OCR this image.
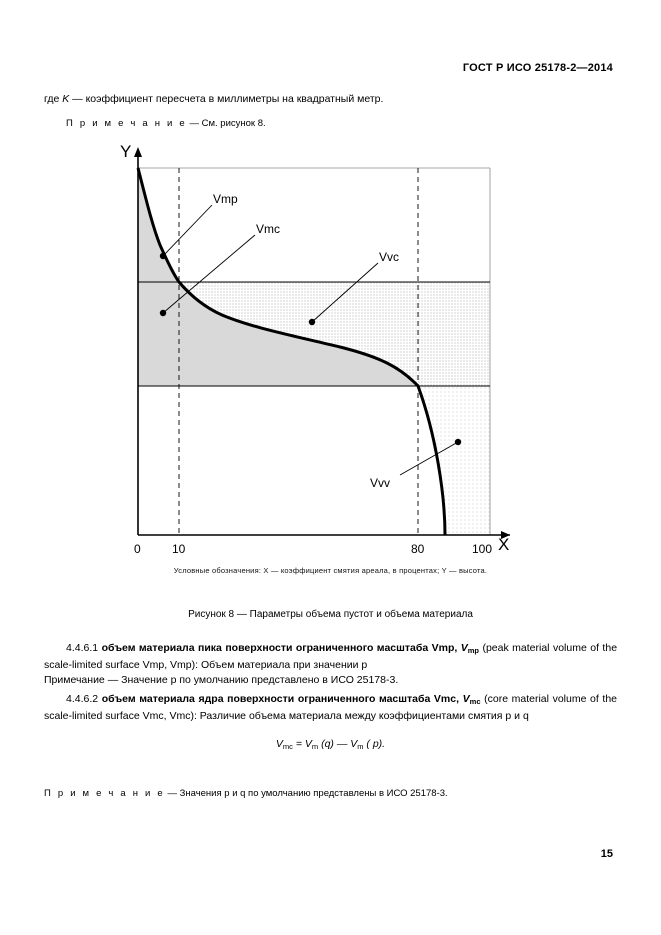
ГОСТ Р ИСО 25178-2—2014
где K — коэффициент пересчета в миллиметры на квадратный метр.
П р и м е ч а н и е — См. рисунок 8.
Vmp
Vmc
Vvc
Vvv
Y
X
0	10	80	100
Условные обозначения: X — коэффициент смятия ареала, в процентах; Y — высота.
Рисунок 8 — Параметры объема пустот и объема материала
4.4.6.1 объем материала пика поверхности ограниченного масштаба Vmp, $V_{mp}$ (peak material volume of the scale-limited surface Vmp, Vmp): Объем материала при значении p
Примечание — Значение p по умолчанию представлено в ИСО 25178-3.
4.4.6.2 объем материала ядра поверхности ограниченного масштаба Vmc, $V_{mc}$ (core material volume of the scale-limited surface Vmc, Vmc): Различие объема материала между коэффициентами смятия p и q
$V_{mc} = V_m$ (q) — $V_m$ ( p).
П р и м е ч а н и е — Значения p и q по умолчанию представлены в ИСО 25178-3.
15
